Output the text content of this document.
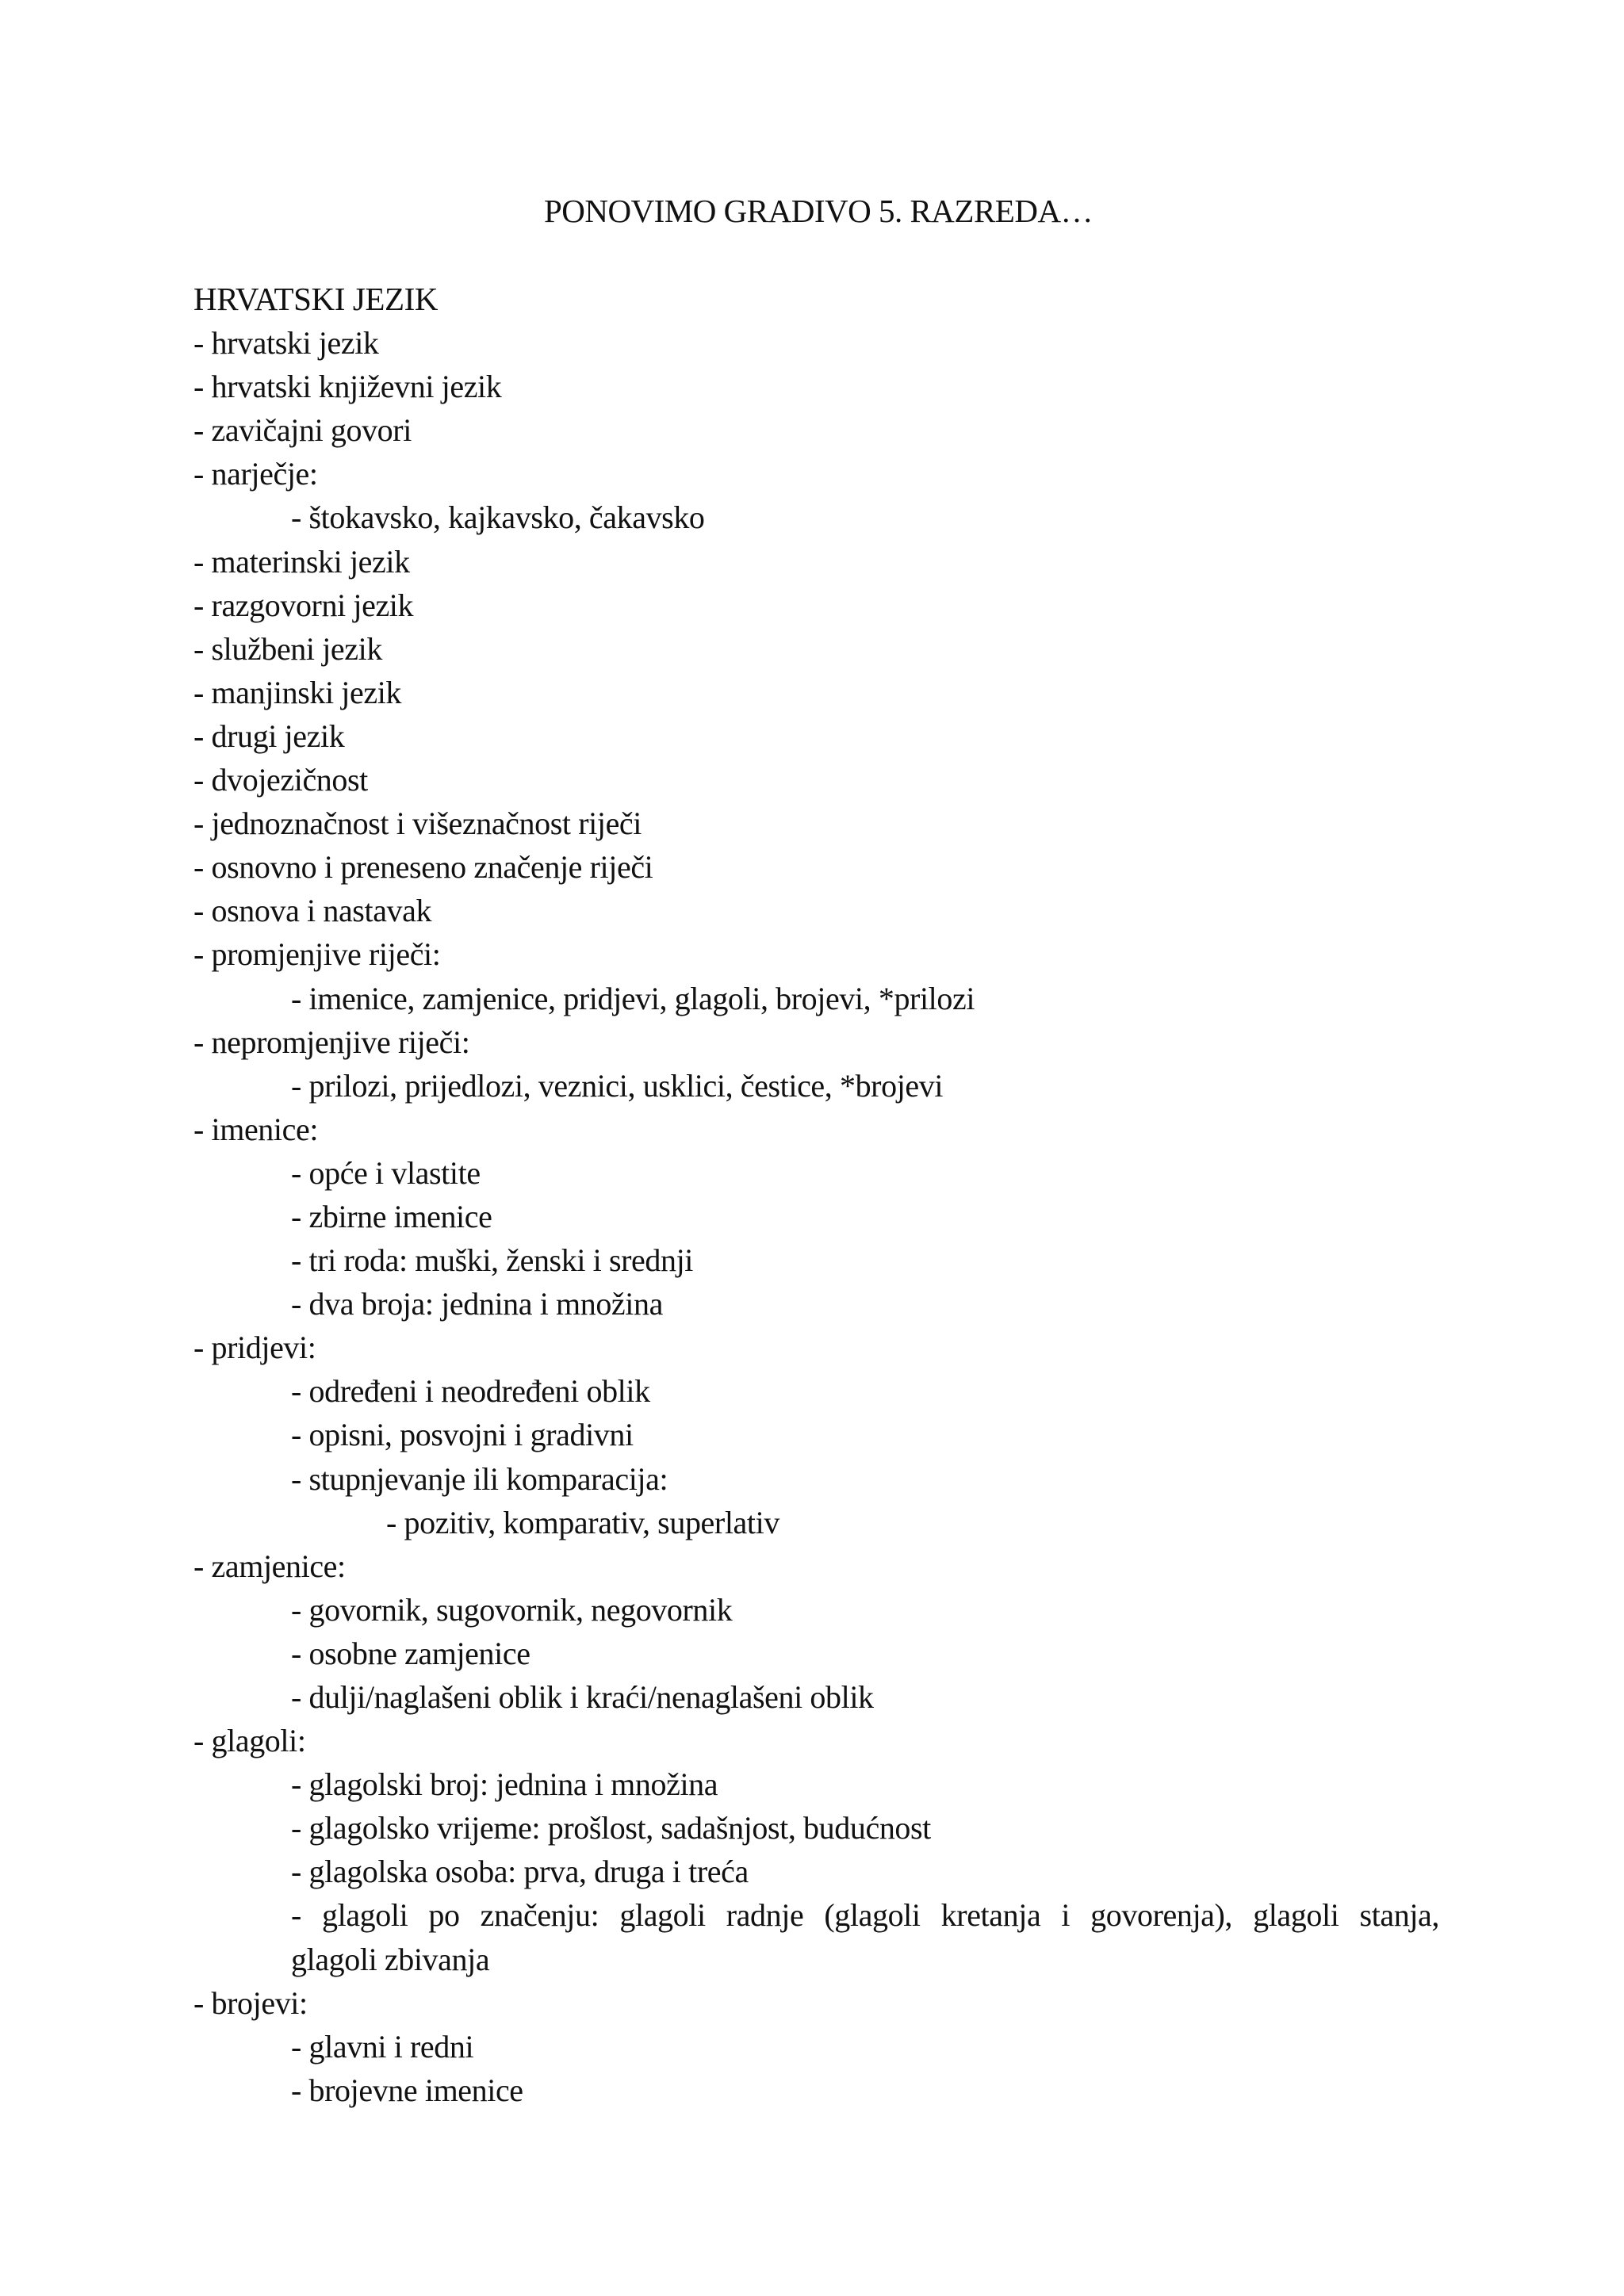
PONOVIMO GRADIVO 5. RAZREDA…
HRVATSKI JEZIK
- hrvatski jezik
- hrvatski književni jezik
- zavičajni govori
- narječje:
- štokavsko, kajkavsko, čakavsko
- materinski jezik
- razgovorni jezik
- službeni jezik
- manjinski jezik
- drugi jezik
- dvojezičnost
- jednoznačnost i višeznačnost riječi
- osnovno i preneseno značenje riječi
- osnova i nastavak
- promjenjive riječi:
- imenice, zamjenice, pridjevi, glagoli, brojevi, *prilozi
- nepromjenjive riječi:
- prilozi, prijedlozi, veznici, usklici, čestice, *brojevi
- imenice:
- opće i vlastite
- zbirne imenice
- tri roda: muški, ženski i srednji
- dva broja: jednina i množina
- pridjevi:
- određeni i neodređeni oblik
- opisni, posvojni i gradivni
- stupnjevanje ili komparacija:
- pozitiv, komparativ, superlativ
- zamjenice:
- govornik, sugovornik, negovornik
- osobne zamjenice
- dulji/naglašeni oblik i kraći/nenaglašeni oblik
- glagoli:
- glagolski broj: jednina i množina
- glagolsko vrijeme: prošlost, sadašnjost, budućnost
- glagolska osoba: prva, druga i treća
- glagoli po značenju: glagoli radnje (glagoli kretanja i govorenja), glagoli stanja,
glagoli zbivanja
- brojevi:
- glavni i redni
- brojevne imenice
